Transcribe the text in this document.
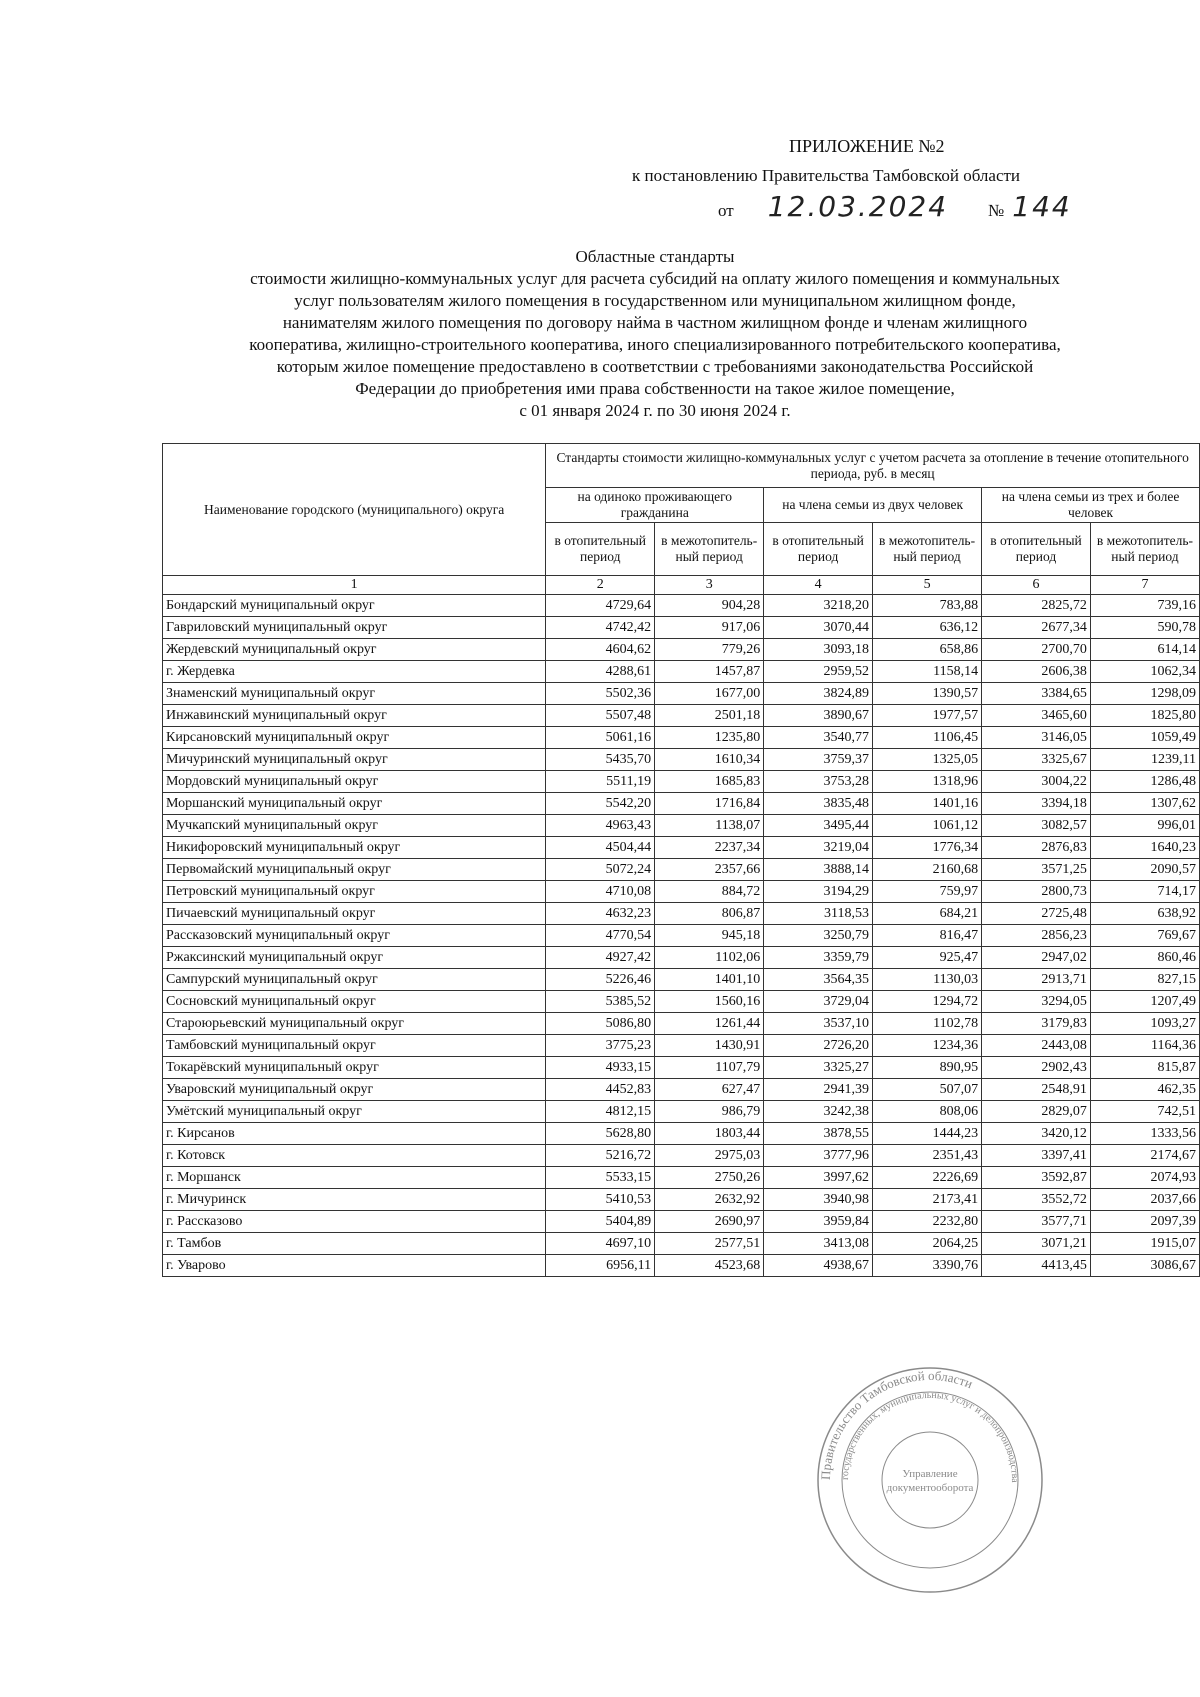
ПРИЛОЖЕНИЕ №2
к постановлению Правительства Тамбовской области
от 12.03.2024 № 144
Областные стандарты
стоимости жилищно-коммунальных услуг для расчета субсидий на оплату жилого помещения и коммунальных
услуг пользователям жилого помещения в государственном или муниципальном жилищном фонде,
нанимателям жилого помещения по договору найма в частном жилищном фонде и членам жилищного
кооператива, жилищно-строительного кооператива, иного специализированного потребительского кооператива,
которым жилое помещение предоставлено в соответствии с требованиями законодательства Российской
Федерации до приобретения ими права собственности на такое жилое помещение,
с 01 января 2024 г. по 30 июня 2024 г.
Наименование городского (муниципального) округа	Стандарты стоимости жилищно-коммунальных услуг с учетом расчета за отопление в течение отопительного периода, руб. в месяц					
	на одиноко проживающего гражданина		на члена семьи из двух человек		на члена семьи из трех и более человек	
	в отопительный период	в межотопитель-ный период	в отопительный период	в межотопитель-ный период	в отопительный период	в межотопитель-ный период
1	2	3	4	5	6	7
Бондарский муниципальный округ	4729,64	904,28	3218,20	783,88	2825,72	739,16
Гавриловский муниципальный округ	4742,42	917,06	3070,44	636,12	2677,34	590,78
Жердевский муниципальный округ	4604,62	779,26	3093,18	658,86	2700,70	614,14
г. Жердевка	4288,61	1457,87	2959,52	1158,14	2606,38	1062,34
Знаменский муниципальный округ	5502,36	1677,00	3824,89	1390,57	3384,65	1298,09
Инжавинский муниципальный округ	5507,48	2501,18	3890,67	1977,57	3465,60	1825,80
Кирсановский муниципальный округ	5061,16	1235,80	3540,77	1106,45	3146,05	1059,49
Мичуринский муниципальный округ	5435,70	1610,34	3759,37	1325,05	3325,67	1239,11
Мордовский муниципальный округ	5511,19	1685,83	3753,28	1318,96	3004,22	1286,48
Моршанский муниципальный округ	5542,20	1716,84	3835,48	1401,16	3394,18	1307,62
Мучкапский муниципальный округ	4963,43	1138,07	3495,44	1061,12	3082,57	996,01
Никифоровский муниципальный округ	4504,44	2237,34	3219,04	1776,34	2876,83	1640,23
Первомайский муниципальный округ	5072,24	2357,66	3888,14	2160,68	3571,25	2090,57
Петровский муниципальный округ	4710,08	884,72	3194,29	759,97	2800,73	714,17
Пичаевский муниципальный округ	4632,23	806,87	3118,53	684,21	2725,48	638,92
Рассказовский муниципальный округ	4770,54	945,18	3250,79	816,47	2856,23	769,67
Ржаксинский муниципальный округ	4927,42	1102,06	3359,79	925,47	2947,02	860,46
Сампурский муниципальный округ	5226,46	1401,10	3564,35	1130,03	2913,71	827,15
Сосновский муниципальный округ	5385,52	1560,16	3729,04	1294,72	3294,05	1207,49
Староюрьевский муниципальный округ	5086,80	1261,44	3537,10	1102,78	3179,83	1093,27
Тамбовский муниципальный округ	3775,23	1430,91	2726,20	1234,36	2443,08	1164,36
Токарёвский муниципальный округ	4933,15	1107,79	3325,27	890,95	2902,43	815,87
Уваровский муниципальный округ	4452,83	627,47	2941,39	507,07	2548,91	462,35
Умётский муниципальный округ	4812,15	986,79	3242,38	808,06	2829,07	742,51
г. Кирсанов	5628,80	1803,44	3878,55	1444,23	3420,12	1333,56
г. Котовск	5216,72	2975,03	3777,96	2351,43	3397,41	2174,67
г. Моршанск	5533,15	2750,26	3997,62	2226,69	3592,87	2074,93
г. Мичуринск	5410,53	2632,92	3940,98	2173,41	3552,72	2037,66
г. Рассказово	5404,89	2690,97	3959,84	2232,80	3577,71	2097,39
г. Тамбов	4697,10	2577,51	3413,08	2064,25	3071,21	1915,07
г. Уварово	6956,11	4523,68	4938,67	3390,76	4413,45	3086,67
Правительство Тамбовской области
государственных, муниципальных услуг и делопроизводства
Управление документооборота
